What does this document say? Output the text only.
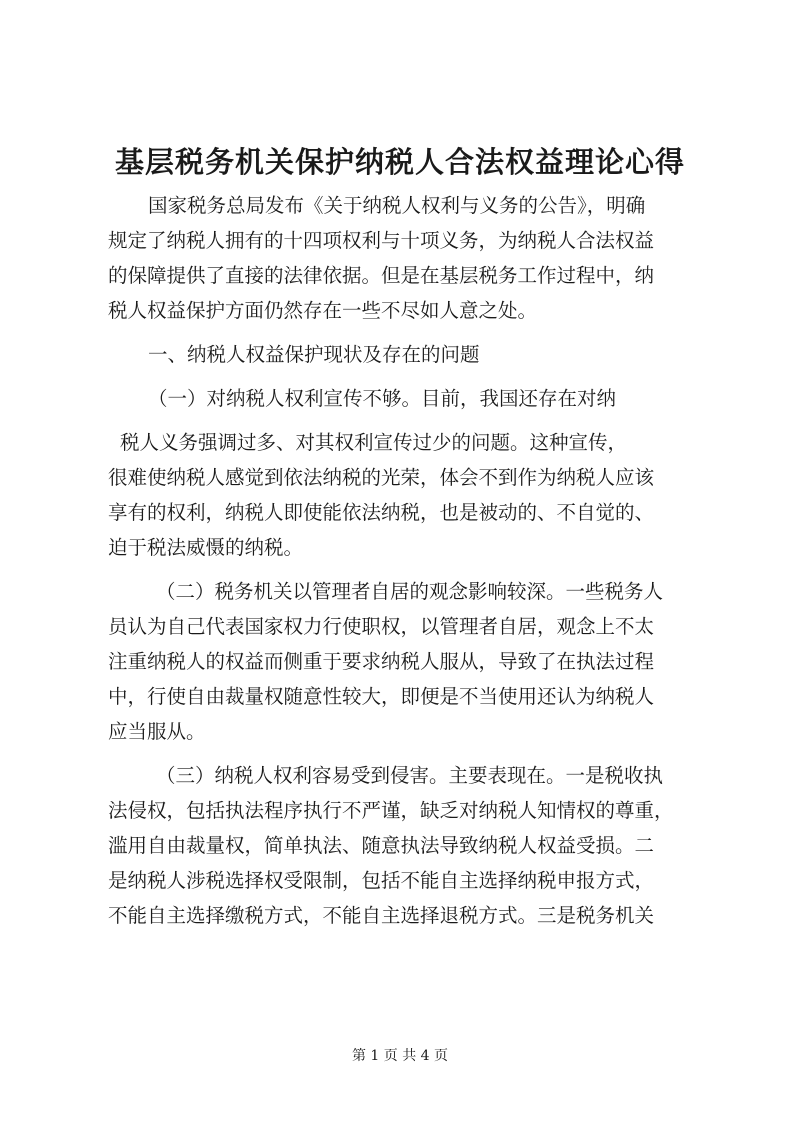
基层税务机关保护纳税人合法权益理论心得
国家税务总局发布《关于纳税人权利与义务的公告》，明确
规定了纳税人拥有的十四项权利与十项义务，为纳税人合法权益
的保障提供了直接的法律依据。但是在基层税务工作过程中，纳
税人权益保护方面仍然存在一些不尽如人意之处。
一、纳税人权益保护现状及存在的问题
（一）对纳税人权利宣传不够。目前，我国还存在对纳
税人义务强调过多、对其权利宣传过少的问题。这种宣传，
很难使纳税人感觉到依法纳税的光荣，体会不到作为纳税人应该
享有的权利，纳税人即使能依法纳税，也是被动的、不自觉的、
迫于税法威慑的纳税。
（二）税务机关以管理者自居的观念影响较深。一些税务人
员认为自己代表国家权力行使职权，以管理者自居，观念上不太
注重纳税人的权益而侧重于要求纳税人服从，导致了在执法过程
中，行使自由裁量权随意性较大，即便是不当使用还认为纳税人
应当服从。
（三）纳税人权利容易受到侵害。主要表现在。一是税收执
法侵权，包括执法程序执行不严谨，缺乏对纳税人知情权的尊重，
滥用自由裁量权，简单执法、随意执法导致纳税人权益受损。二
是纳税人涉税选择权受限制，包括不能自主选择纳税申报方式，
不能自主选择缴税方式，不能自主选择退税方式。三是税务机关
第 1 页 共 4 页
